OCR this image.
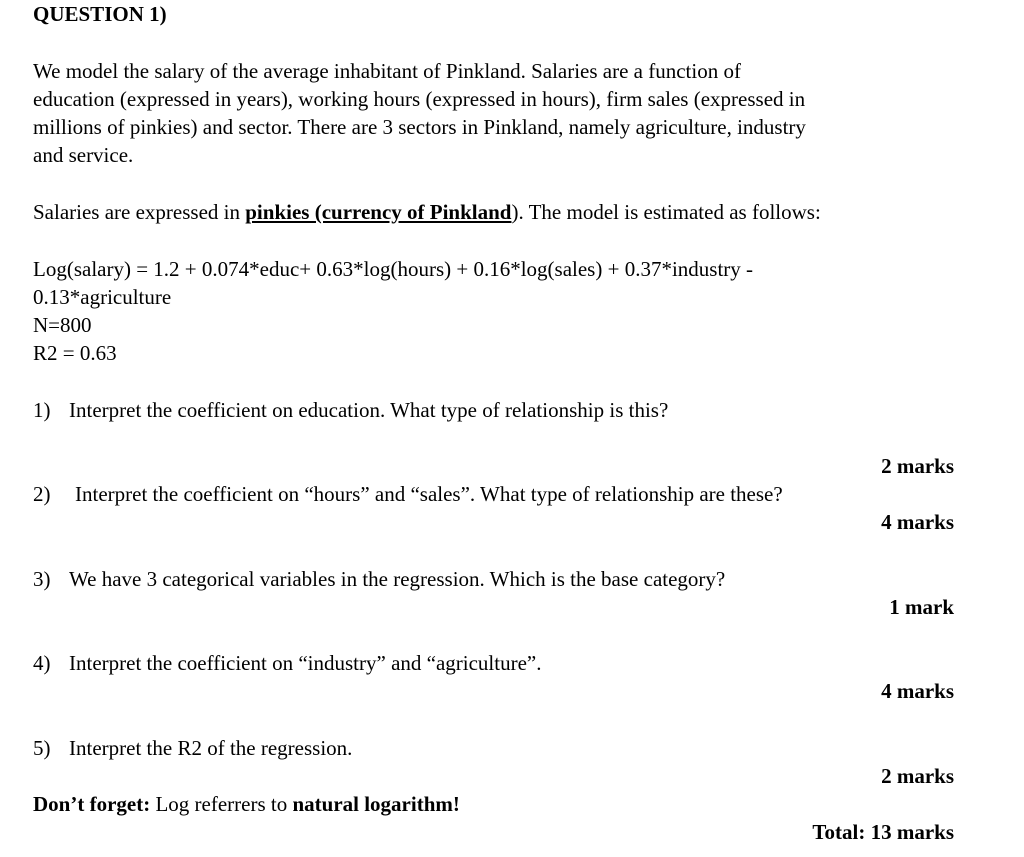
QUESTION 1)
We model the salary of the average inhabitant of Pinkland. Salaries are a function of
education (expressed in years), working hours (expressed in hours), firm sales (expressed in
millions of pinkies) and sector. There are 3 sectors in Pinkland, namely agriculture, industry
and service.
Salaries are expressed in pinkies (currency of Pinkland). The model is estimated as follows:
Log(salary) = 1.2 + 0.074*educ+ 0.63*log(hours) + 0.16*log(sales) + 0.37*industry -
0.13*agriculture
N=800
R2 = 0.63
1) Interpret the coefficient on education. What type of relationship is this?
2 marks
2) Interpret the coefficient on “hours” and “sales”. What type of relationship are these?
4 marks
3) We have 3 categorical variables in the regression. Which is the base category?
1 mark
4) Interpret the coefficient on “industry” and “agriculture”.
4 marks
5) Interpret the R2 of the regression.
2 marks
Don’t forget: Log referrers to natural logarithm!
Total: 13 marks
